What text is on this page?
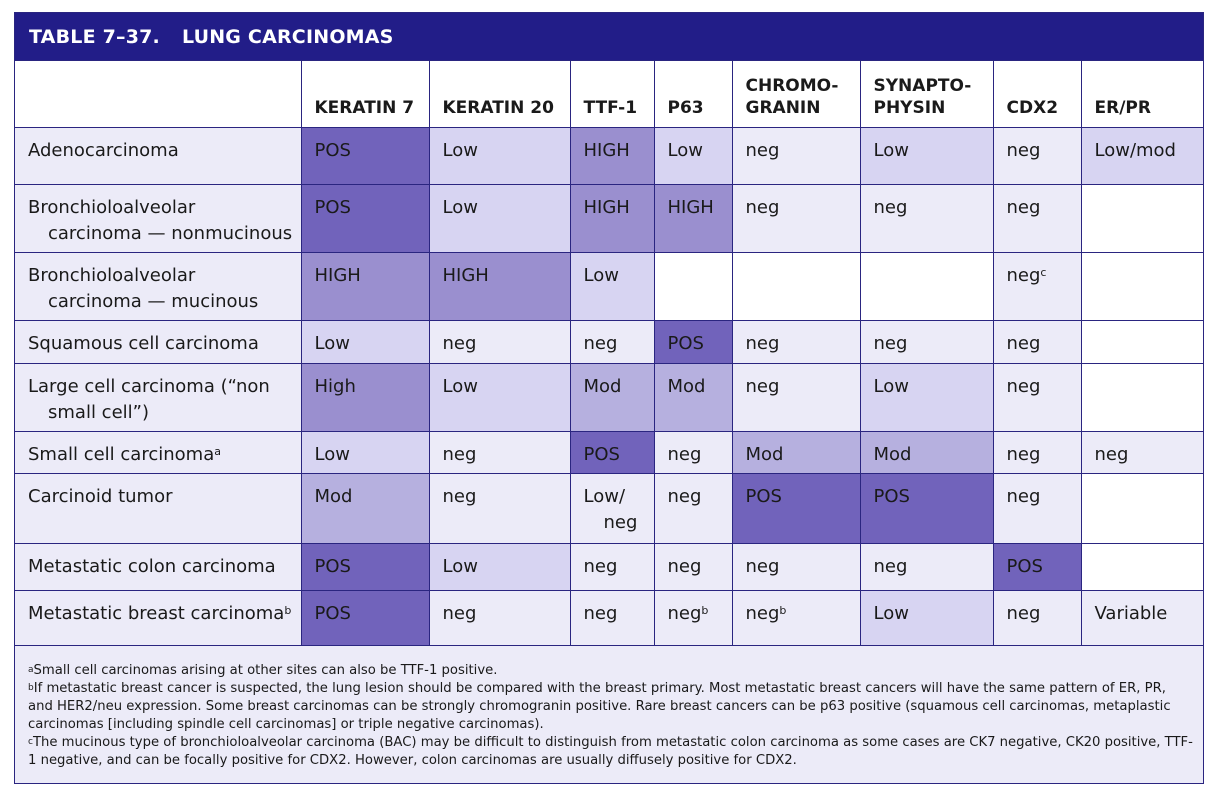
TABLE 7–37. LUNG CARCINOMAS

	KERATIN 7	KERATIN 20	TTF-1	P63	CHROMO-
GRANIN	SYNAPTO-
PHYSIN	CDX2	ER/PR

Adenocarcinoma	POS	Low	HIGH	Low	neg	Low	neg	Low/mod

Bronchioloalveolar
carcinoma — nonmucinous	POS	Low	HIGH	HIGH	neg	neg	neg	

Bronchioloalveolar
carcinoma — mucinous	HIGH	HIGH	Low				neg$^c$	

Squamous cell carcinoma	Low	neg	neg	POS	neg	neg	neg	

Large cell carcinoma (“non
small cell”)	High	Low	Mod	Mod	neg	Low	neg	

Small cell carcinoma$^a$	Low	neg	POS	neg	Mod	Mod	neg	neg

Carcinoid tumor	Mod	neg	Low/
neg	neg	POS	POS	neg	

Metastatic colon carcinoma	POS	Low	neg	neg	neg	neg	POS	

Metastatic breast carcinoma$^b$	POS	neg	neg	neg$^b$	neg$^b$	Low	neg	Variable

$^a$Small cell carcinomas arising at other sites can also be TTF-1 positive.

$^b$If metastatic breast cancer is suspected, the lung lesion should be compared with the breast primary. Most metastatic breast cancers will have the same pattern of ER, PR, and HER2/neu expression. Some breast carcinomas can be strongly chromogranin positive. Rare breast cancers can be p63 positive (squamous cell carcinomas, metaplastic carcinomas [including spindle cell carcinomas] or triple negative carcinomas).

$^c$The mucinous type of bronchioloalveolar carcinoma (BAC) may be difficult to distinguish from metastatic colon carcinoma as some cases are CK7 negative, CK20 positive, TTF-1 negative, and can be focally positive for CDX2. However, colon carcinomas are usually diffusely positive for CDX2.
